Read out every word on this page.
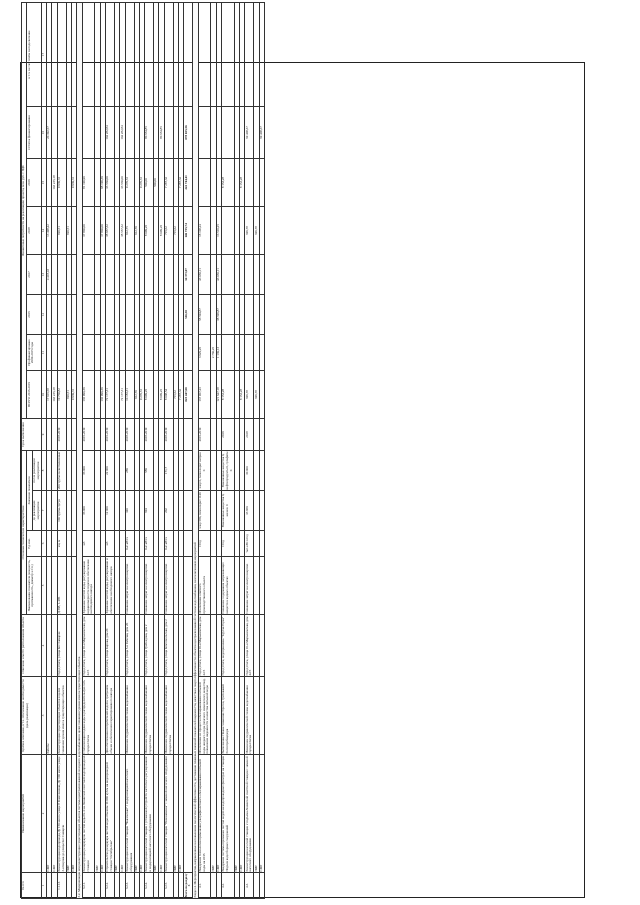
№ п/п	Наименование мероприятий	Краткое описание, в т.ч. обоснование необходимости (цель реализации)	Описание и место расположения объекта	Основные технические характеристики				Срок выполнения	Финансовые потребности на реализацию проекта, млн. руб. с НДС							
				Наименование показателя (мощность, протяженность, диаметр и т.п.)	Ед.изм.	Значение показателя			ВСЕГО 2016-2019	Профинансировано 2009-2015 годы	2016	2017	2018	2019	Остаток финансирования	в т.ч. за счет платы за подключение
						до реализации мероприятия	после реализации мероприятия									
1	2	3	4	5	6	7	8	9	10	11	12	13	14	15	16	17
	СМР	Работы							17 916,58			4 418,43	13 498,42		20 392,57	
	СМР								103 235,18					103 235,18		
1.1.13.	Реконструкция водопровода Ду 150 мм по улице 8 Ремесленная, Ду 100 мм по улице 3-я Кирова до улицы Кос Самарли	Реконструкция существующих объектов в целях снижения уровня износа существующих объектов	Город Омск, улица Кос Самарли	Д 398, L 486	км, м	100 трубы-чугун	200 трубы полиэтиленовые	2018-2019	19 760,82				820,51	9 939,31		
	ПИР								820,51				820,51			
	СМР								9 939,31					9 939,31		
3.2. Модернизация или реконструкция существующих объектов системы централизованной холодного водоснабжения в целях снижения уровня износа существующих объектов																
3.2.1.	Реконструкция резервуаров чистой воды № 4 на Ленинской очистной водопроводной станции	Стабилизация подачи воды в распределительную сеть города Омска	Город Омск, улица 10-я Марьяновская, дом 42/3	Хранение чистой воды, регулирование неравномерности подачи и обеспечение необходимого напора	м3	36 000	36 000	2016-2019	135 990,39				37 800,00	81 190,90		
	ПИР															
	СМР								135 990,39				37 800,00	98 190,39		
3.2.2.	Строительство резервуара чистой воды объемом 10 000 куб.м на водопроводной станции "Октябрьская"	Для обеспечения потребителей водой в требуемом объеме и обеспечения гарантированного напора	Город Омск, улица Кирова, дом 20	Хранение чистой воды, регулирование и обеспечение необходимого напора	м3	12 000	22 000	2016-2019	72 177,31				38 957,32	33 560,00	104 282,84	
	ПИР															
	СМР								72 177,31				38 557,32	33 560,00	104 282,84	
3.2.3.	Реконструкция насосной станции "Чкаловская" с модернизацией насосного оборудования	Изменение гидравлической схемы водоснабжения	Город Омск, улица 5-я Рабочая, дом 20	Снижение затрат на электроэнергию	тыс.кВт.ч	340	289	2018-2019	10 183,31				912,75	9 270,61		
	ПИР								912,70				912,70			
	СМР								9 270,61					9 270,61		
3.2.4.	Реконструкция насосной станции с установкой устройств частотного регулирования и модернизацией насосного оборудования	Изменение гидравлической схемы водоснабжения города Омска	Город Омск, улица Грибоедова, дом 2	Снижение затрат на электроэнергию	тыс.кВт.ч	694	589	2018-2019	8 099,26				8 099,26	500,00	80 654,85	
	ПИР													500,00		
	СМР								8 099,26				8 099,26		80 654,85	
3.2.5.	Реконструкция насосной станции "Новокаменка" с заменой насосного оборудования	Изменение гидравлической схемы водоснабжения города Омска	Город Омск, улица Комсомольская, дом 2	Снижение затрат на электроэнергию	тыс.кВт.ч	202	171,7	2018-2019	8 008,54				715,62	7 287,32		
	ПИР								715,62				715,62			
	СМР								7 287,32					7 287,32		
Всего по разделу 3									823 447,00		516,38	34 371,07	146 735,74	222 744,41	878 655,56	
Раздел 4. Мероприятия, направленные на повышение экологической эффективности, достижение плановых значений показателей надежности, качества и энергоэффективности объектов централизованной системы водоснабжения, за исключением мероприятий																
4.1.	Внедрение технологии применения ультрафиолетового обеззараживания питьевой воды на ОСВ	Исключение из процесса обеззараживания питьевой воды жидкого хлора (опасного химического вещества), повышение надежности и качества питьевой воды	Город Омск, улица 10-я Марьяновская, дом 42/3	Исключение опасного производственного объекта	т/год	хлор 580, гипохлорит 1140	хлор 0, гипохлорит натрия 0	2016-2019	137 967,43	3 929,26	58 594,87	43 050,11	18 108,24			
	ПИР									2 760,26						
	СМР								121 647,18	1 139,13	38 596,87	43 050,11	16 510,25			
4.2.	Внедрение системы промывки чистой водой на водопроводных фильтрах на станции Подъем водосборных сооружений	Выполнение Плана снижения сбросов, требований Роспотребнадзора	Город Омск, водоприемник "Крутая Горка"	Снижение содержания загрязняющих веществ в водных объектах	т/год	Взвешенные вещества 0, железо 0	Взвешенные вещества 0, нефтепродукты 0, сульфаты 0	2019	8 153,28					8 153,28		
	ПИР															
	СМР								8 153,28					8 153,28		
4.3.	Реконструкция насосной станции 2 подъема Ленинской очистной станции с заменой насосного оборудования	Изменение гидравлической схемы водоснабжения города Омска	Город Омск, улица 10-я Марьяновская, дом 42/3	Снижение затрат на электроэнергию	тыс.кВт.ч/год	33 969	30 000	2018	696,78				696,78		69 408,37	
	ПИР								696,78				696,78			
	СМР														69 408,37	
